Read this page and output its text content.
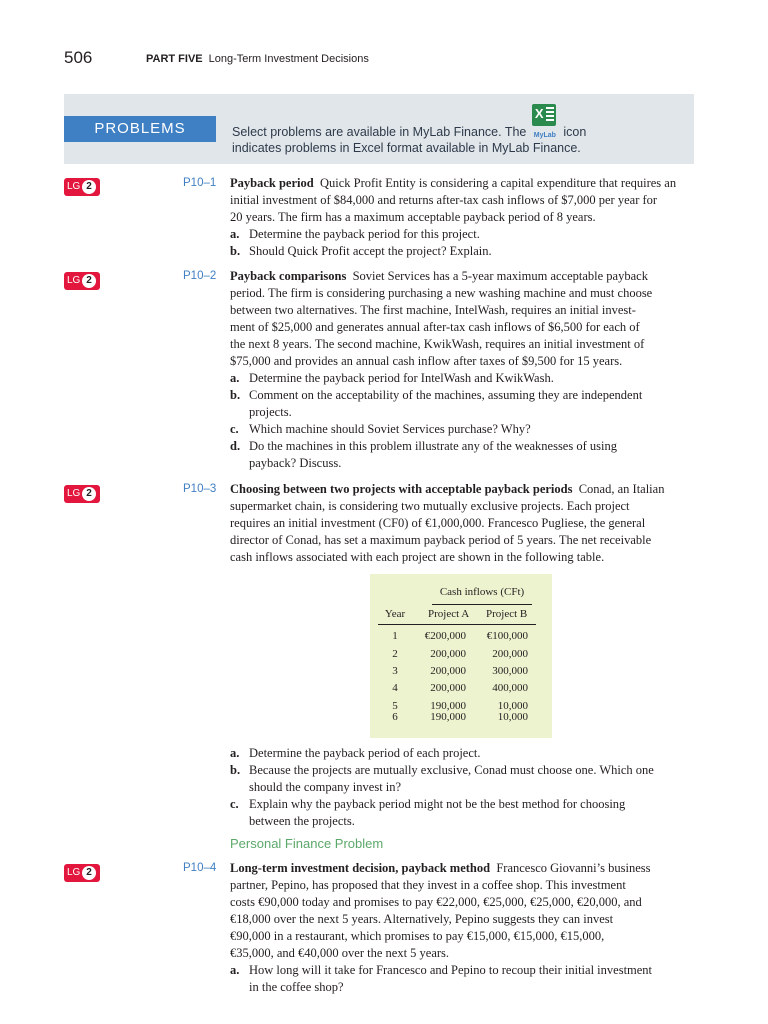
506	PART FIVE Long-Term Investment Decisions
PROBLEMS	Select problems are available in MyLab Finance. The
X
MyLab icon
indicates problems in Excel format available in MyLab Finance.
LG 2	P10–1 Payback period Quick Profit Entity is considering a capital expenditure that requires an
initial investment of $84,000 and returns after-tax cash inflows of $7,000 per year for
20 years. The firm has a maximum acceptable payback period of 8 years.
a. Determine the payback period for this project.
b. Should Quick Profit accept the project? Explain.
LG 2	P10–2 Payback comparisons Soviet Services has a 5-year maximum acceptable payback
period. The firm is considering purchasing a new washing machine and must choose
between two alternatives. The first machine, IntelWash, requires an initial invest-
ment of $25,000 and generates annual after-tax cash inflows of $6,500 for each of
the next 8 years. The second machine, KwikWash, requires an initial investment of
$75,000 and provides an annual cash inflow after taxes of $9,500 for 15 years.
a. Determine the payback period for IntelWash and KwikWash.
b. Comment on the acceptability of the machines, assuming they are independent
projects.
c. Which machine should Soviet Services purchase? Why?
d. Do the machines in this problem illustrate any of the weaknesses of using
payback? Discuss.
LG 2	P10–3 Choosing between two projects with acceptable payback periods Conad, an Italian
supermarket chain, is considering two mutually exclusive projects. Each project
requires an initial investment (CF0) of €1,000,000. Francesco Pugliese, the general
director of Conad, has set a maximum payback period of 5 years. The net receivable
cash inflows associated with each project are shown in the following table.
Cash inflows (CFt)
Year	Project A Project B
1	€200,000 €100,000
2	200,000 200,000
3	200,000 300,000
4	200,000 400,000
5	190,000	10,000
6	190,000	10,000
a. Determine the payback period of each project.
b. Because the projects are mutually exclusive, Conad must choose one. Which one
should the company invest in?
c. Explain why the payback period might not be the best method for choosing
between the projects.
Personal Finance Problem
LG 2	P10–4 Long-term investment decision, payback method Francesco Giovanni’s business
partner, Pepino, has proposed that they invest in a coffee shop. This investment
costs €90,000 today and promises to pay €22,000, €25,000, €25,000, €20,000, and
€18,000 over the next 5 years. Alternatively, Pepino suggests they can invest
€90,000 in a restaurant, which promises to pay €15,000, €15,000, €15,000,
€35,000, and €40,000 over the next 5 years.
a. How long will it take for Francesco and Pepino to recoup their initial investment
in the coffee shop?
